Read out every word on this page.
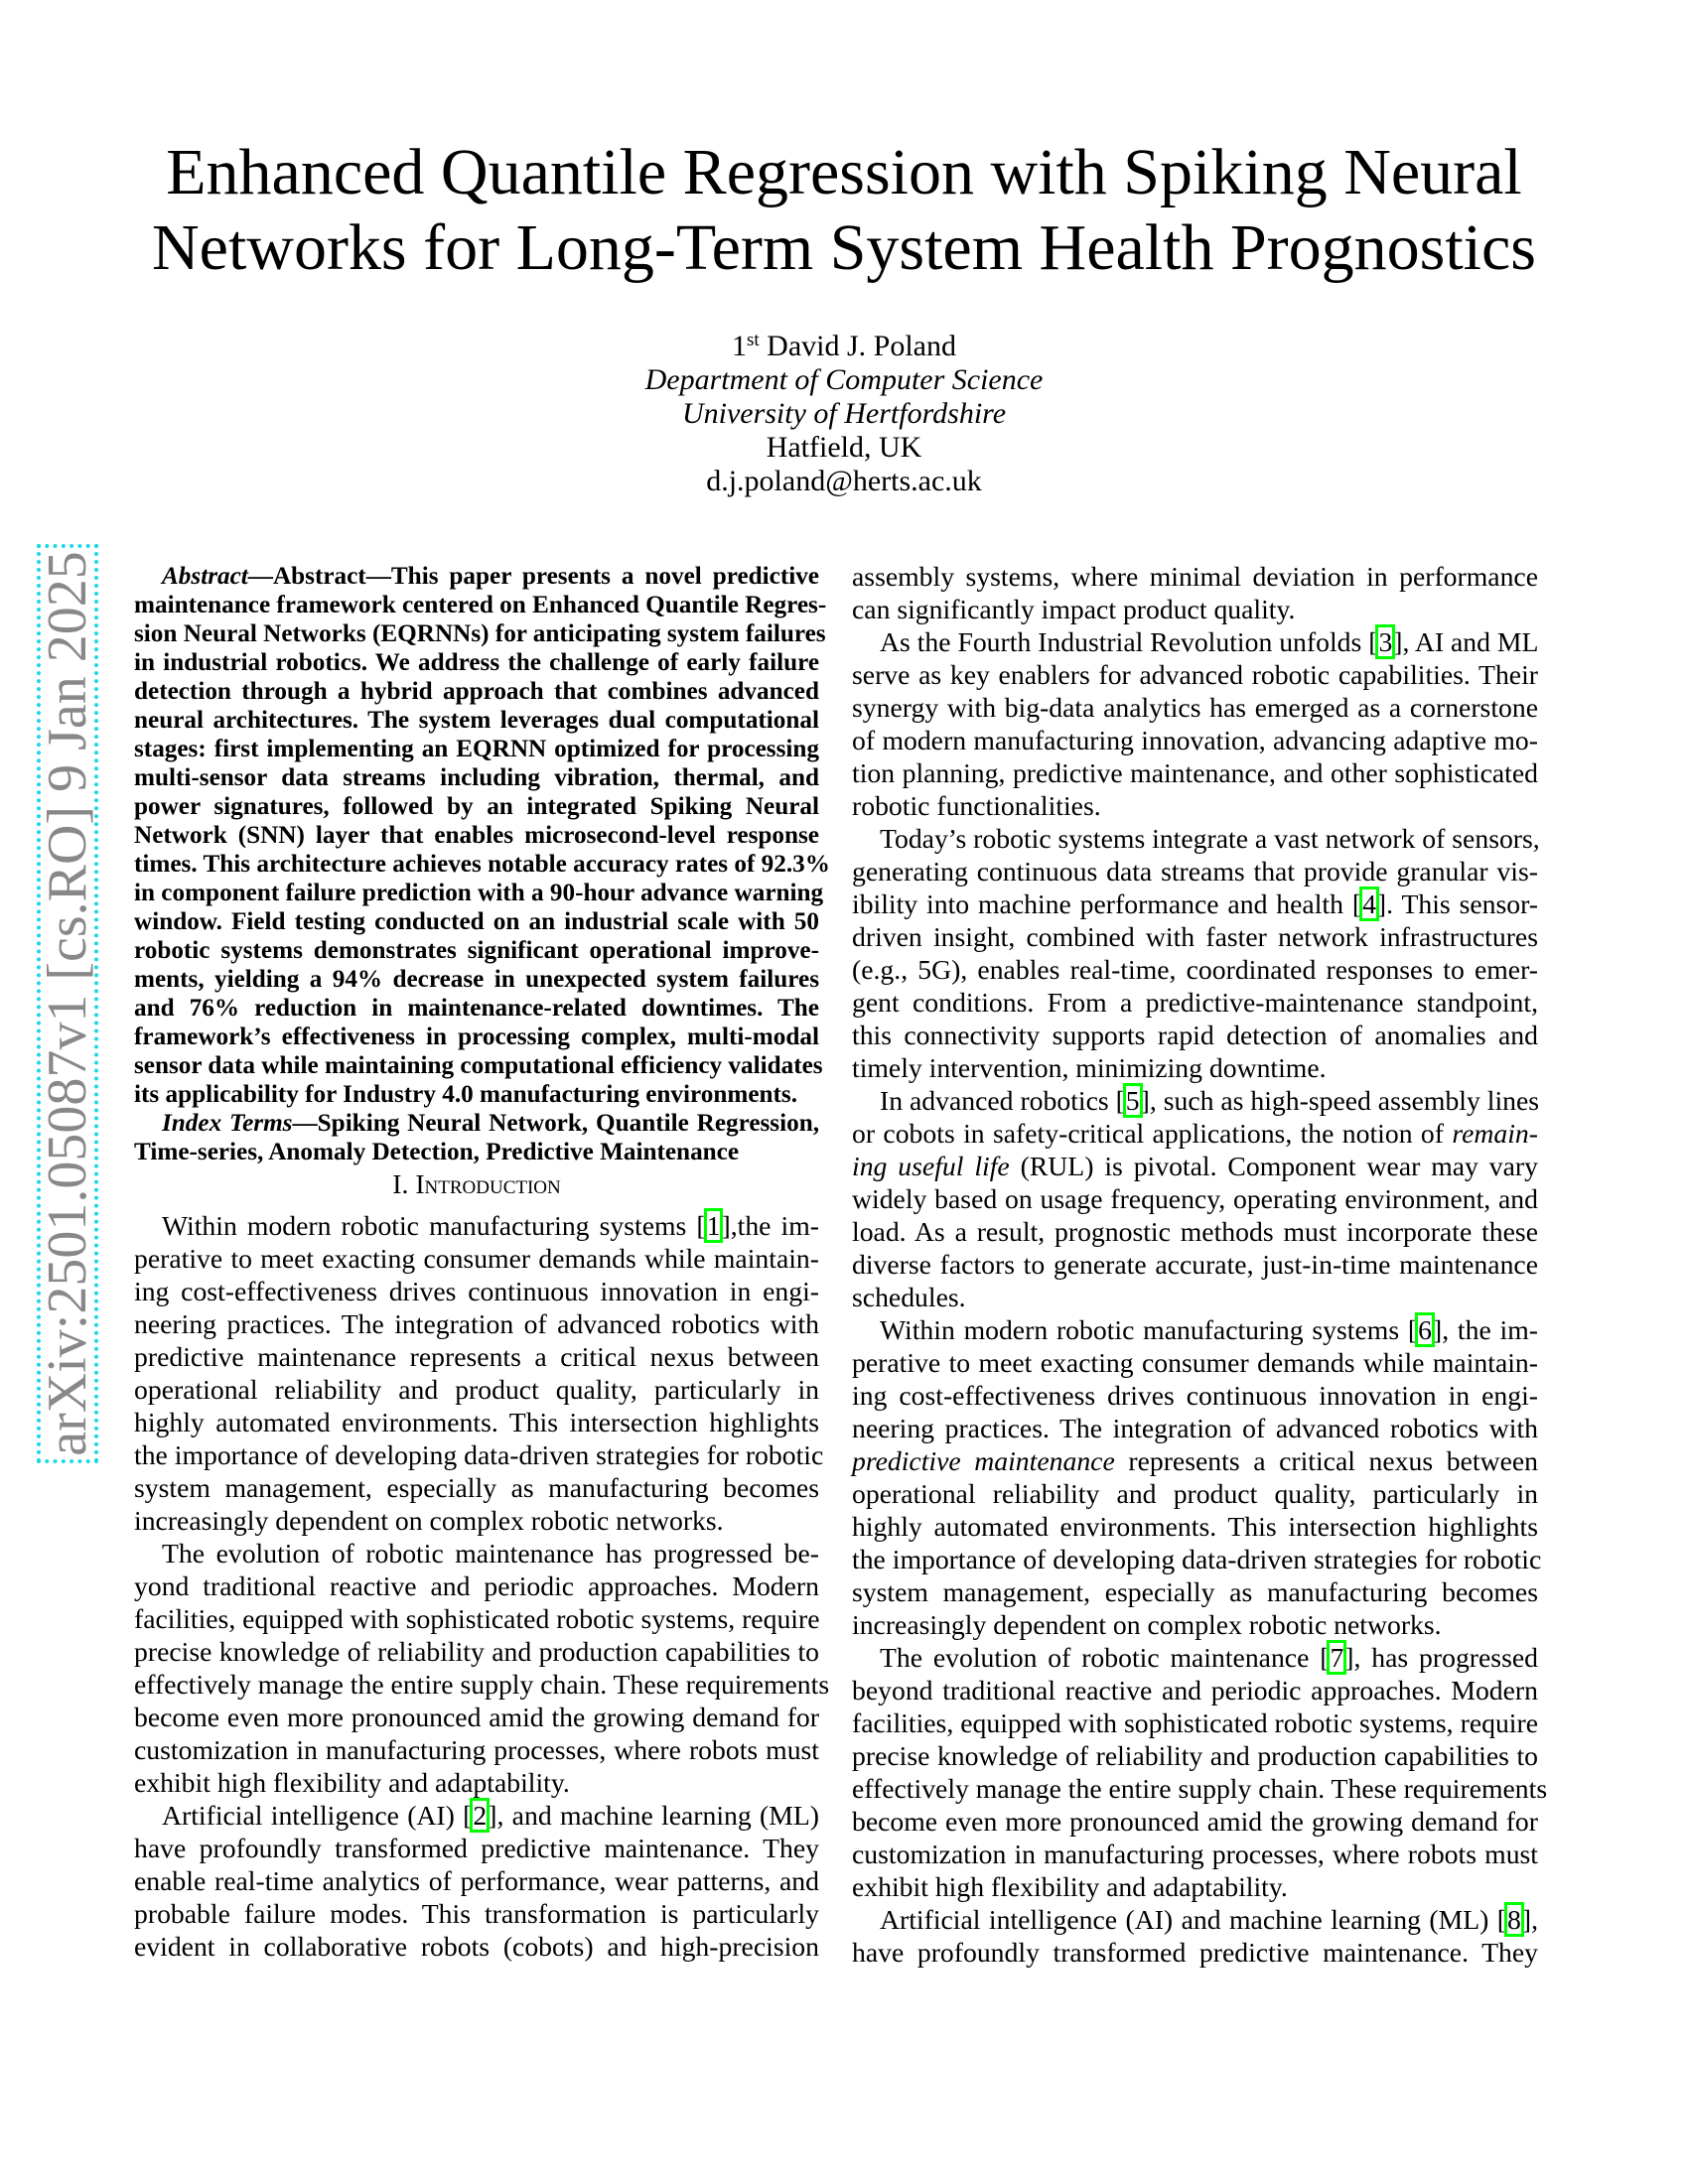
Enhanced Quantile Regression with Spiking Neural
Networks for Long-Term System Health Prognostics
1st David J. Poland
Department of Computer Science
University of Hertfordshire
Hatfield, UK
d.j.poland@herts.ac.uk
arXiv:2501.05087v1 [cs.RO] 9 Jan 2025	Abstract—Abstract—This paper presents a novel predictive
maintenance framework centered on Enhanced Quantile Regres-
sion Neural Networks (EQRNNs) for anticipating system failures
in industrial robotics. We address the challenge of early failure
detection through a hybrid approach that combines advanced
neural architectures. The system leverages dual computational
stages: first implementing an EQRNN optimized for processing
multi-sensor data streams including vibration, thermal, and
power signatures, followed by an integrated Spiking Neural
Network (SNN) layer that enables microsecond-level response
times. This architecture achieves notable accuracy rates of 92.3%
in component failure prediction with a 90-hour advance warning
window. Field testing conducted on an industrial scale with 50
robotic systems demonstrates significant operational improve-
ments, yielding a 94% decrease in unexpected system failures
and 76% reduction in maintenance-related downtimes. The
framework’s effectiveness in processing complex, multi-modal
sensor data while maintaining computational efficiency validates
its applicability for Industry 4.0 manufacturing environments.
Index Terms—Spiking Neural Network, Quantile Regression,
Time-series, Anomaly Detection, Predictive Maintenance
I. Introduction
Within modern robotic manufacturing systems [1],the im-
perative to meet exacting consumer demands while maintain-
ing cost-effectiveness drives continuous innovation in engi-
neering practices. The integration of advanced robotics with
predictive maintenance represents a critical nexus between
operational reliability and product quality, particularly in
highly automated environments. This intersection highlights
the importance of developing data-driven strategies for robotic
system management, especially as manufacturing becomes
increasingly dependent on complex robotic networks.
The evolution of robotic maintenance has progressed be-
yond traditional reactive and periodic approaches. Modern
facilities, equipped with sophisticated robotic systems, require
precise knowledge of reliability and production capabilities to
effectively manage the entire supply chain. These requirements
become even more pronounced amid the growing demand for
customization in manufacturing processes, where robots must
exhibit high flexibility and adaptability.
Artificial intelligence (AI) [2], and machine learning (ML)
have profoundly transformed predictive maintenance. They
enable real-time analytics of performance, wear patterns, and
probable failure modes. This transformation is particularly
evident in collaborative robots (cobots) and high-precision
assembly systems, where minimal deviation in performance
can significantly impact product quality.
As the Fourth Industrial Revolution unfolds [3], AI and ML
serve as key enablers for advanced robotic capabilities. Their
synergy with big-data analytics has emerged as a cornerstone
of modern manufacturing innovation, advancing adaptive mo-
tion planning, predictive maintenance, and other sophisticated
robotic functionalities.
Today’s robotic systems integrate a vast network of sensors,
generating continuous data streams that provide granular vis-
ibility into machine performance and health [4]. This sensor-
driven insight, combined with faster network infrastructures
(e.g., 5G), enables real-time, coordinated responses to emer-
gent conditions. From a predictive-maintenance standpoint,
this connectivity supports rapid detection of anomalies and
timely intervention, minimizing downtime.
In advanced robotics [5], such as high-speed assembly lines
or cobots in safety-critical applications, the notion of remain-
ing useful life (RUL) is pivotal. Component wear may vary
widely based on usage frequency, operating environment, and
load. As a result, prognostic methods must incorporate these
diverse factors to generate accurate, just-in-time maintenance
schedules.
Within modern robotic manufacturing systems [6], the im-
perative to meet exacting consumer demands while maintain-
ing cost-effectiveness drives continuous innovation in engi-
neering practices. The integration of advanced robotics with
predictive maintenance represents a critical nexus between
operational reliability and product quality, particularly in
highly automated environments. This intersection highlights
the importance of developing data-driven strategies for robotic
system management, especially as manufacturing becomes
increasingly dependent on complex robotic networks.
The evolution of robotic maintenance [7], has progressed
beyond traditional reactive and periodic approaches. Modern
facilities, equipped with sophisticated robotic systems, require
precise knowledge of reliability and production capabilities to
effectively manage the entire supply chain. These requirements
become even more pronounced amid the growing demand for
customization in manufacturing processes, where robots must
exhibit high flexibility and adaptability.
Artificial intelligence (AI) and machine learning (ML) [8],
have profoundly transformed predictive maintenance. They
